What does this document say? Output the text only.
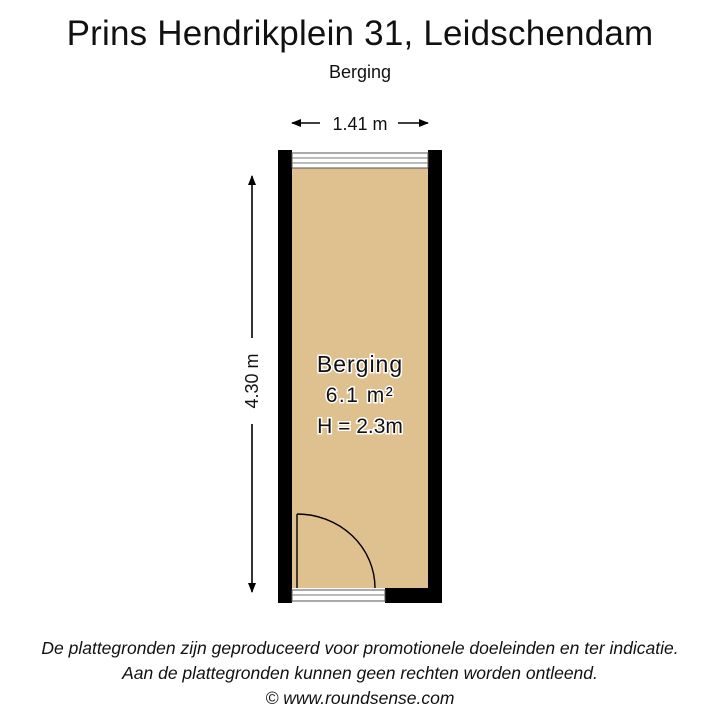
Prins Hendrikplein 31, Leidschendam
Berging
1.41 m
4.30 m Berging
6.1 m²
H = 2.3m
De plattegronden zijn geproduceerd voor promotionele doeleinden en ter indicatie.
Aan de plattegronden kunnen geen rechten worden ontleend.
© www.roundsense.com
